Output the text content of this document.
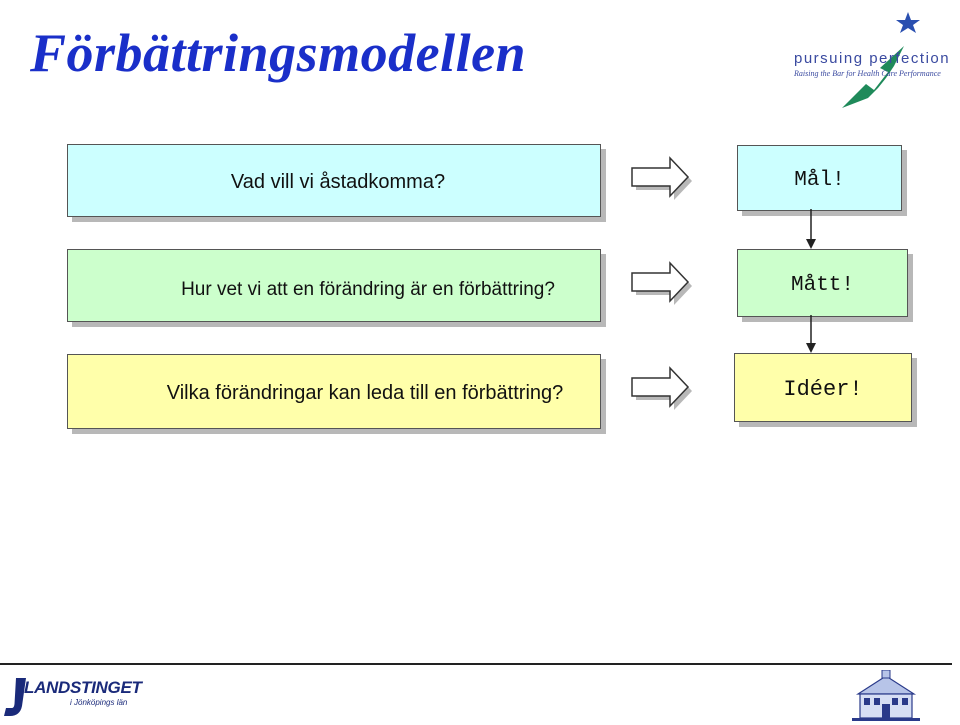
Förbättringsmodellen	pursuing perfection
Raising the Bar for Health Care Performance
Vad vill vi åstadkomma?
Hur vet vi att en förändring är en förbättring?
Vilka förändringar kan leda till en förbättring?
Mål!
Mått!
Idéer!
LANDSTINGET
i Jönköpings län
